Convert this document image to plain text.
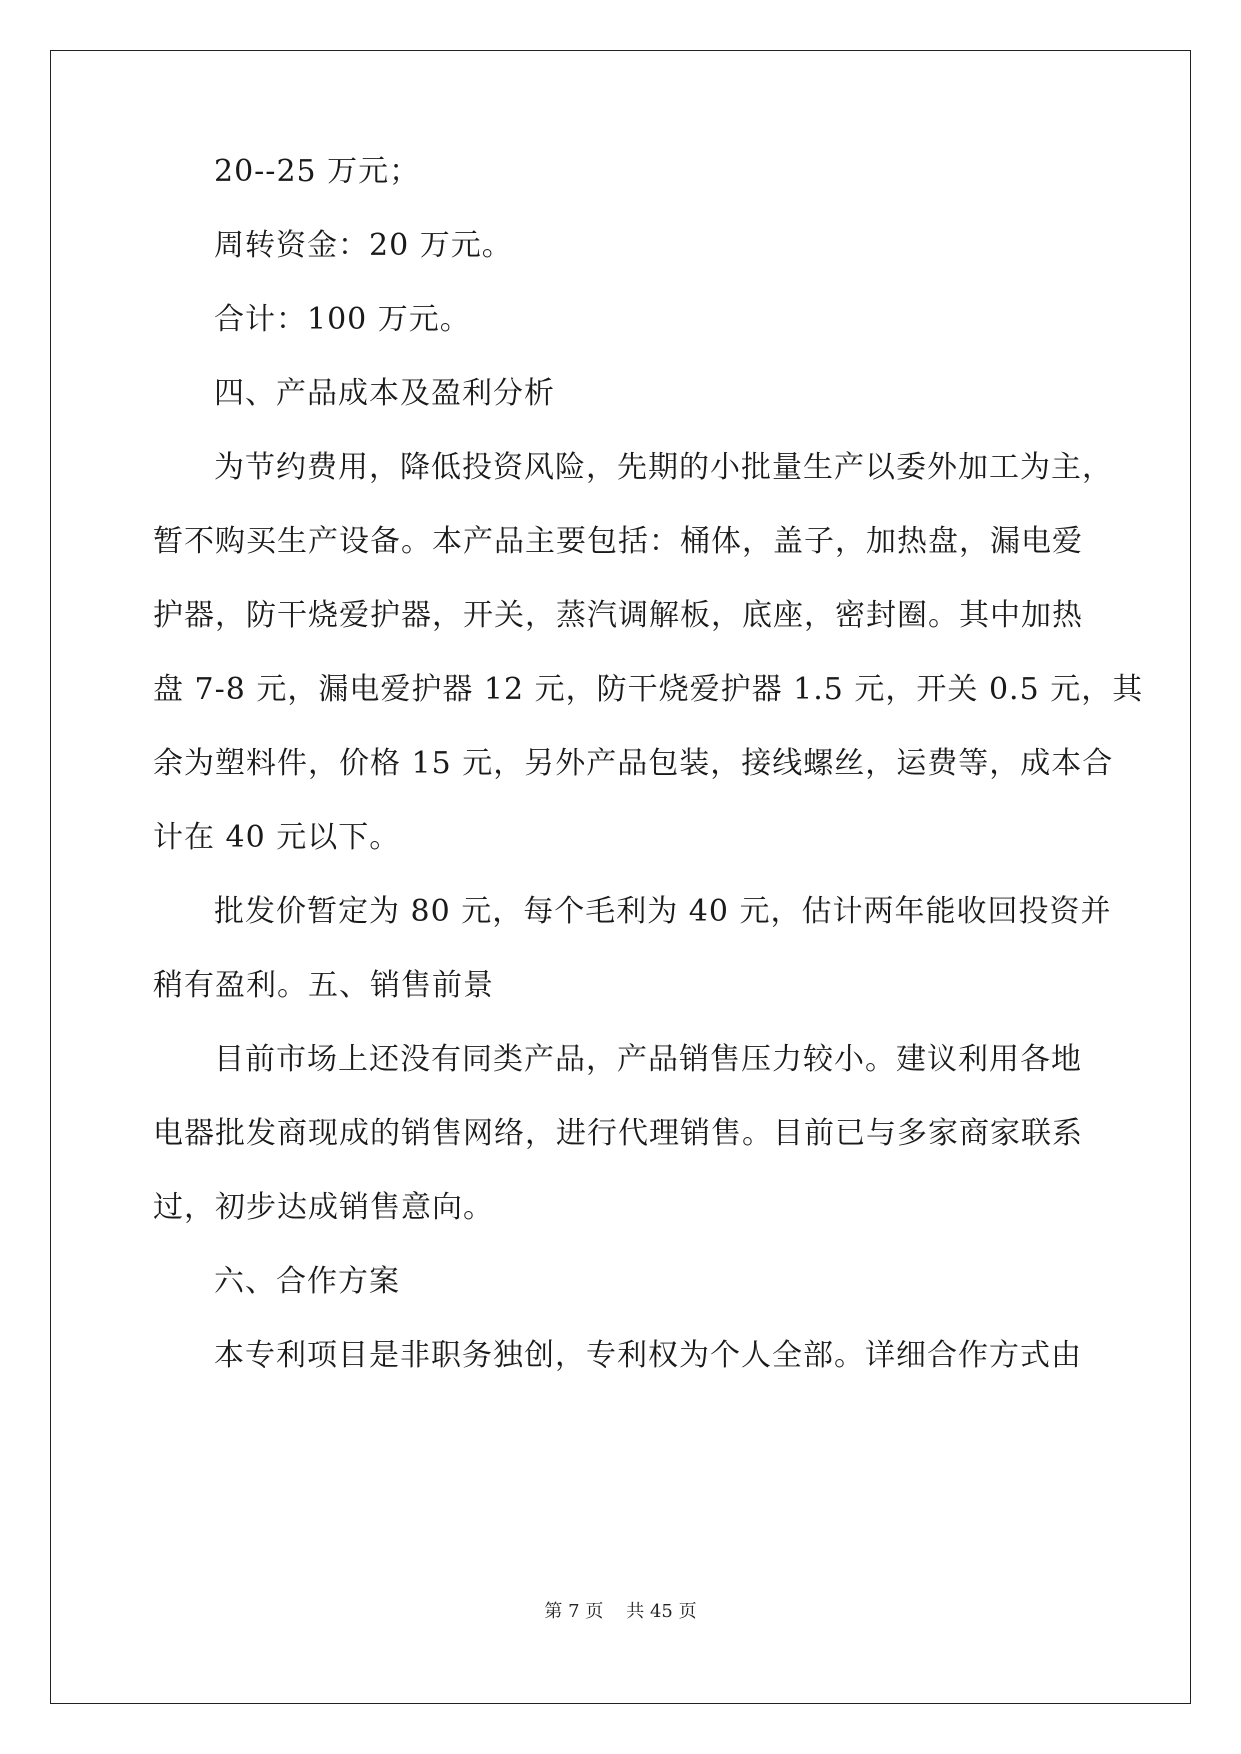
20--25 万元；
周转资金：20 万元。
合计：100 万元。
四、产品成本及盈利分析
为节约费用，降低投资风险，先期的小批量生产以委外加工为主，
暂不购买生产设备。本产品主要包括：桶体，盖子，加热盘，漏电爱
护器，防干烧爱护器，开关，蒸汽调解板，底座，密封圈。其中加热
盘 7-8 元，漏电爱护器 12 元，防干烧爱护器 1.5 元，开关 0.5 元，其
余为塑料件，价格 15 元，另外产品包装，接线螺丝，运费等，成本合
计在 40 元以下。
批发价暂定为 80 元，每个毛利为 40 元，估计两年能收回投资并
稍有盈利。五、销售前景
目前市场上还没有同类产品，产品销售压力较小。建议利用各地
电器批发商现成的销售网络，进行代理销售。目前已与多家商家联系
过，初步达成销售意向。
六、合作方案
本专利项目是非职务独创，专利权为个人全部。详细合作方式由
第 7 页 共 45 页
